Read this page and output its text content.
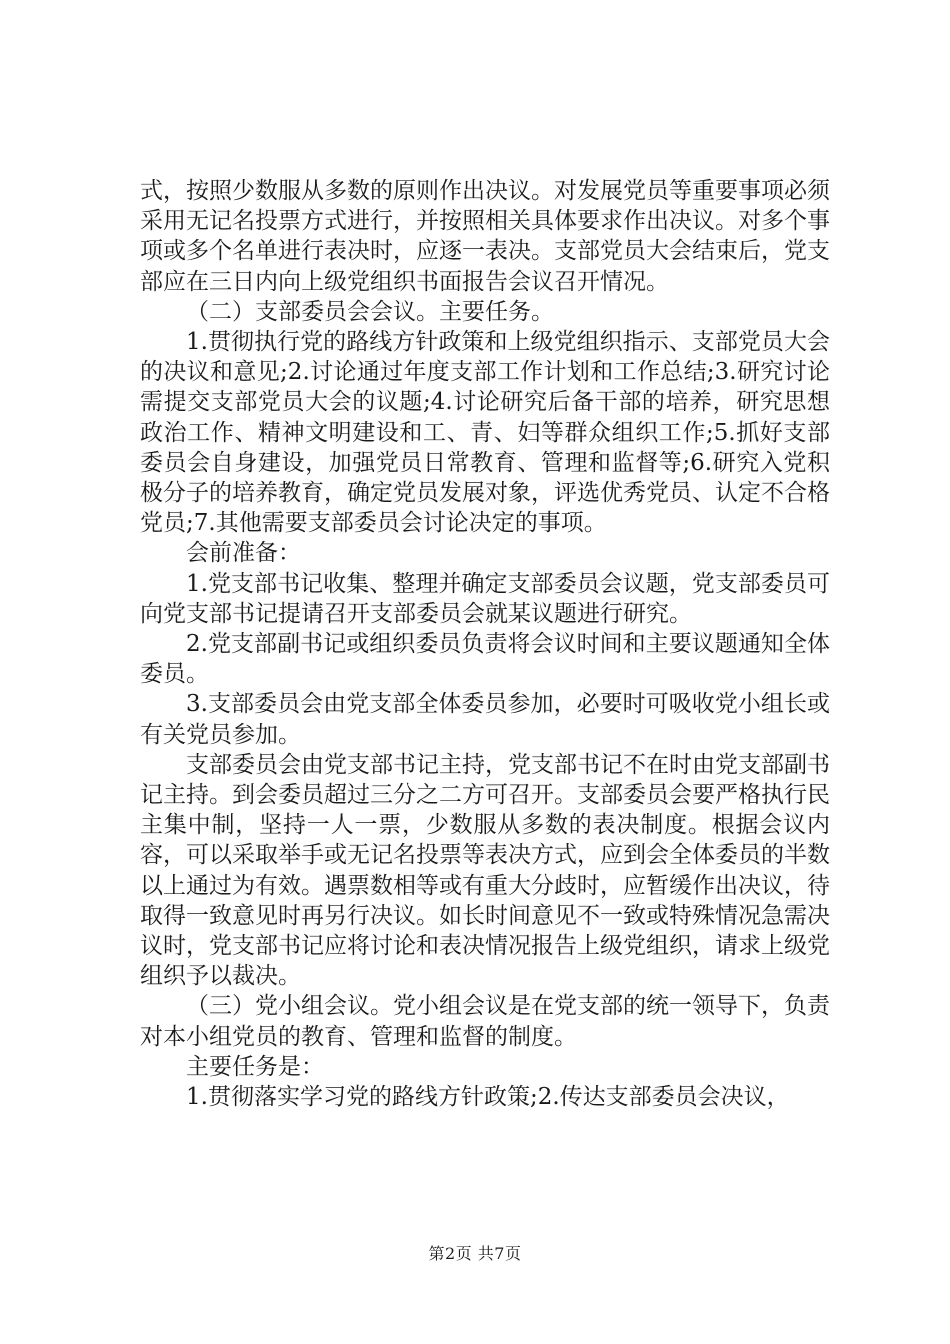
式，按照少数服从多数的原则作出决议。对发展党员等重要事项必须采用无记名投票方式进行，并按照相关具体要求作出决议。对多个事项或多个名单进行表决时，应逐一表决。支部党员大会结束后，党支部应在三日内向上级党组织书面报告会议召开情况。

（二）支部委员会会议。主要任务。

1.贯彻执行党的路线方针政策和上级党组织指示、支部党员大会的决议和意见;2.讨论通过年度支部工作计划和工作总结;3.研究讨论需提交支部党员大会的议题;4.讨论研究后备干部的培养，研究思想政治工作、精神文明建设和工、青、妇等群众组织工作;5.抓好支部委员会自身建设，加强党员日常教育、管理和监督等;6.研究入党积极分子的培养教育，确定党员发展对象，评选优秀党员、认定不合格党员;7.其他需要支部委员会讨论决定的事项。

会前准备：

1.党支部书记收集、整理并确定支部委员会议题，党支部委员可向党支部书记提请召开支部委员会就某议题进行研究。

2.党支部副书记或组织委员负责将会议时间和主要议题通知全体委员。

3.支部委员会由党支部全体委员参加，必要时可吸收党小组长或有关党员参加。

支部委员会由党支部书记主持，党支部书记不在时由党支部副书记主持。到会委员超过三分之二方可召开。支部委员会要严格执行民主集中制，坚持一人一票，少数服从多数的表决制度。根据会议内容，可以采取举手或无记名投票等表决方式，应到会全体委员的半数以上通过为有效。遇票数相等或有重大分歧时，应暂缓作出决议，待取得一致意见时再另行决议。如长时间意见不一致或特殊情况急需决议时，党支部书记应将讨论和表决情况报告上级党组织，请求上级党组织予以裁决。

（三）党小组会议。党小组会议是在党支部的统一领导下，负责对本小组党员的教育、管理和监督的制度。

主要任务是：

1.贯彻落实学习党的路线方针政策;2.传达支部委员会决议，

第2页 共7页
